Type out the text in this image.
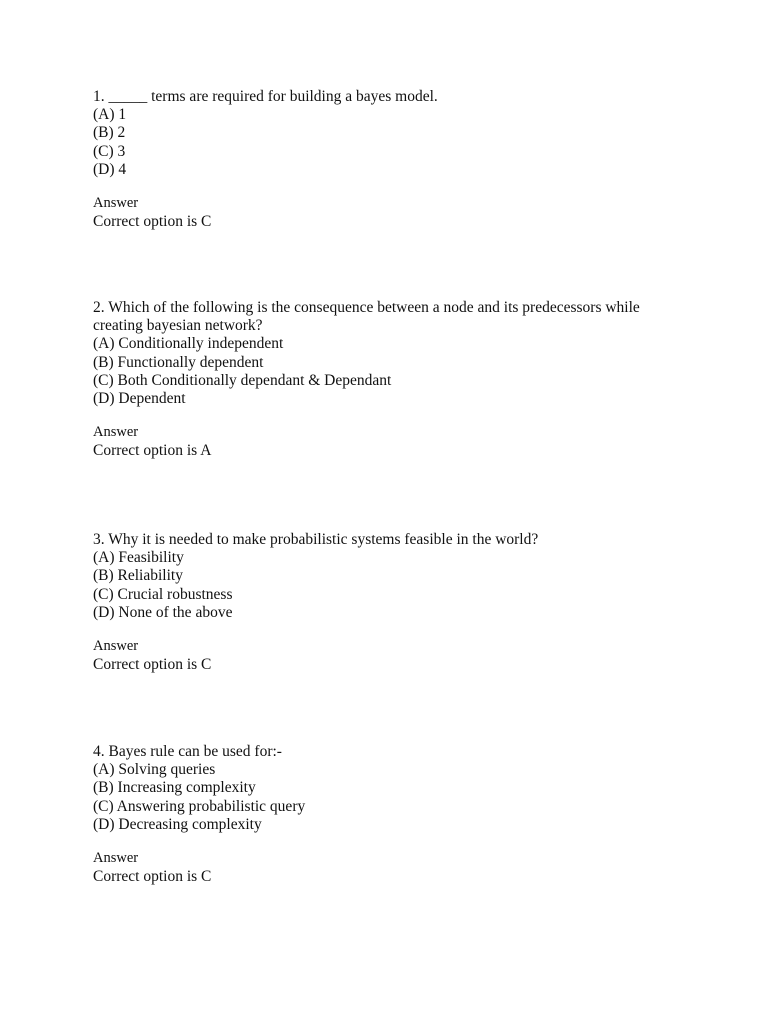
1. _____ terms are required for building a bayes model.

(A) 1
(B) 2
(C) 3
(D) 4

Answer

Correct option is C

2. Which of the following is the consequence between a node and its predecessors while creating bayesian network?

(A) Conditionally independent
(B) Functionally dependent
(C) Both Conditionally dependant & Dependant
(D) Dependent

Answer

Correct option is A

3. Why it is needed to make probabilistic systems feasible in the world?

(A) Feasibility
(B) Reliability
(C) Crucial robustness
(D) None of the above

Answer

Correct option is C

4. Bayes rule can be used for:-

(A) Solving queries
(B) Increasing complexity
(C) Answering probabilistic query
(D) Decreasing complexity

Answer

Correct option is C
